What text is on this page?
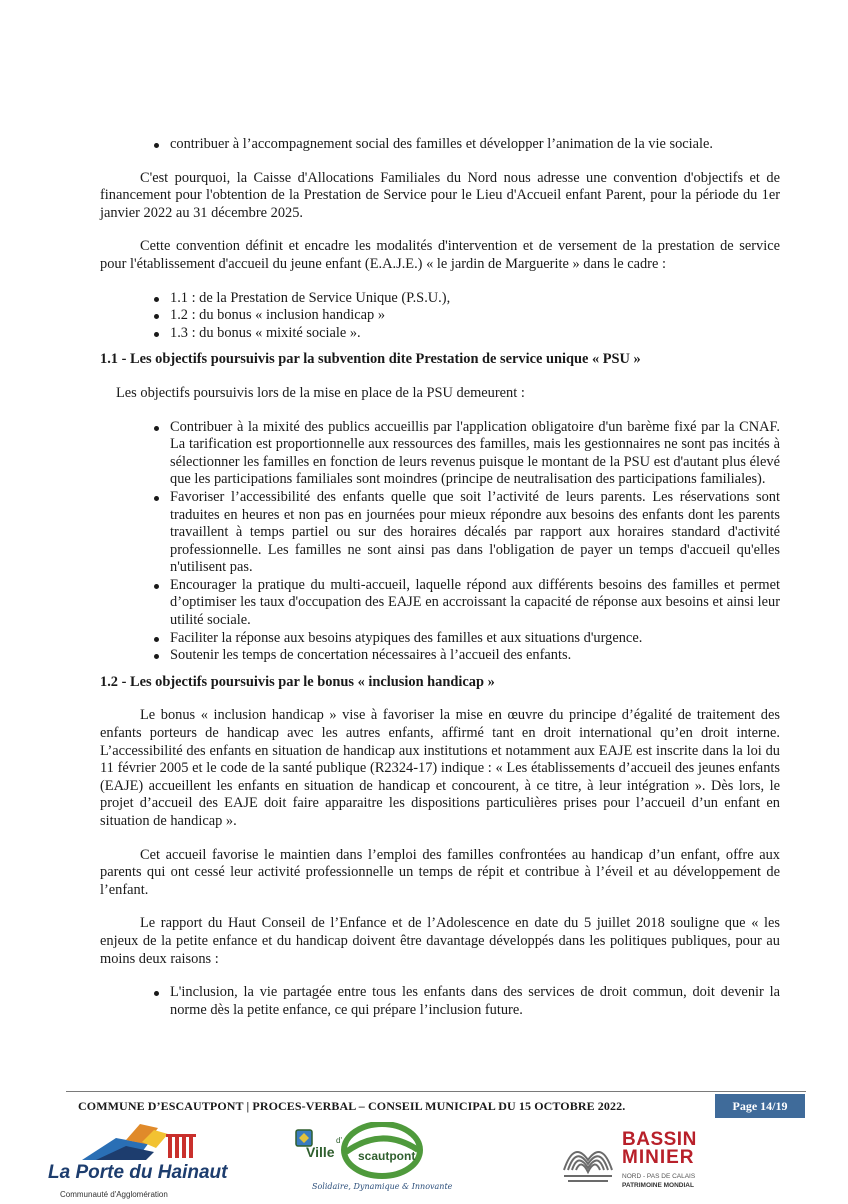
contribuer à l’accompagnement social des familles et développer l’animation de la vie sociale.

C'est pourquoi, la Caisse d'Allocations Familiales du Nord nous adresse une convention d'objectifs et de financement pour l'obtention de la Prestation de Service pour le Lieu d'Accueil enfant Parent, pour la période du 1er janvier 2022 au 31 décembre 2025.

Cette convention définit et encadre les modalités d'intervention et de versement de la prestation de service pour l'établissement d'accueil du jeune enfant (E.A.J.E.) « le jardin de Marguerite » dans le cadre :

1.1 : de la Prestation de Service Unique (P.S.U.),
1.2 : du bonus « inclusion handicap »
1.3 : du bonus « mixité sociale ».
1.1 - Les objectifs poursuivis par la subvention dite Prestation de service unique « PSU »

Les objectifs poursuivis lors de la mise en place de la PSU demeurent :

Contribuer à la mixité des publics accueillis par l'application obligatoire d'un barème fixé par la CNAF. La tarification est proportionnelle aux ressources des familles, mais les gestionnaires ne sont pas incités à sélectionner les familles en fonction de leurs revenus puisque le montant de la PSU est d'autant plus élevé que les participations familiales sont moindres (principe de neutralisation des participations familiales).
Favoriser l’accessibilité des enfants quelle que soit l’activité de leurs parents. Les réservations sont traduites en heures et non pas en journées pour mieux répondre aux besoins des enfants dont les parents travaillent à temps partiel ou sur des horaires décalés par rapport aux horaires standard d'activité professionnelle. Les familles ne sont ainsi pas dans l'obligation de payer un temps d'accueil qu'elles n'utilisent pas.
Encourager la pratique du multi-accueil, laquelle répond aux différents besoins des familles et permet d’optimiser les taux d'occupation des EAJE en accroissant la capacité de réponse aux besoins et ainsi leur utilité sociale.
Faciliter la réponse aux besoins atypiques des familles et aux situations d'urgence.
Soutenir les temps de concertation nécessaires à l’accueil des enfants.
1.2 - Les objectifs poursuivis par le bonus « inclusion handicap »

Le bonus « inclusion handicap » vise à favoriser la mise en œuvre du principe d’égalité de traitement des enfants porteurs de handicap avec les autres enfants, affirmé tant en droit international qu’en droit interne. L’accessibilité des enfants en situation de handicap aux institutions et notamment aux EAJE est inscrite dans la loi du 11 février 2005 et le code de la santé publique (R2324-17) indique : « Les établissements d’accueil des jeunes enfants (EAJE) accueillent les enfants en situation de handicap et concourent, à ce titre, à leur intégration ». Dès lors, le projet d’accueil des EAJE doit faire apparaitre les dispositions particulières prises pour l’accueil d’un enfant en situation de handicap ».

Cet accueil favorise le maintien dans l’emploi des familles confrontées au handicap d’un enfant, offre aux parents qui ont cessé leur activité professionnelle un temps de répit et contribue à l’éveil et au développement de l’enfant.

Le rapport du Haut Conseil de l’Enfance et de l’Adolescence en date du 5 juillet 2018 souligne que « les enjeux de la petite enfance et du handicap doivent être davantage développés dans les politiques publiques, pour au moins deux raisons :

L'inclusion, la vie partagée entre tous les enfants dans des services de droit commun, doit devenir la norme dès la petite enfance, ce qui prépare l’inclusion future.
COMMUNE D’ESCAUTPONT | PROCES-VERBAL – CONSEIL MUNICIPAL DU 15 OCTOBRE 2022.	Page 14/19
La Porte du Hainaut
Communauté d'Agglomération
Ville
d'
scautpont
Solidaire, Dynamique & Innovante
BASSIN
MINIER
NORD - PAS DE CALAIS
PATRIMOINE MONDIAL
